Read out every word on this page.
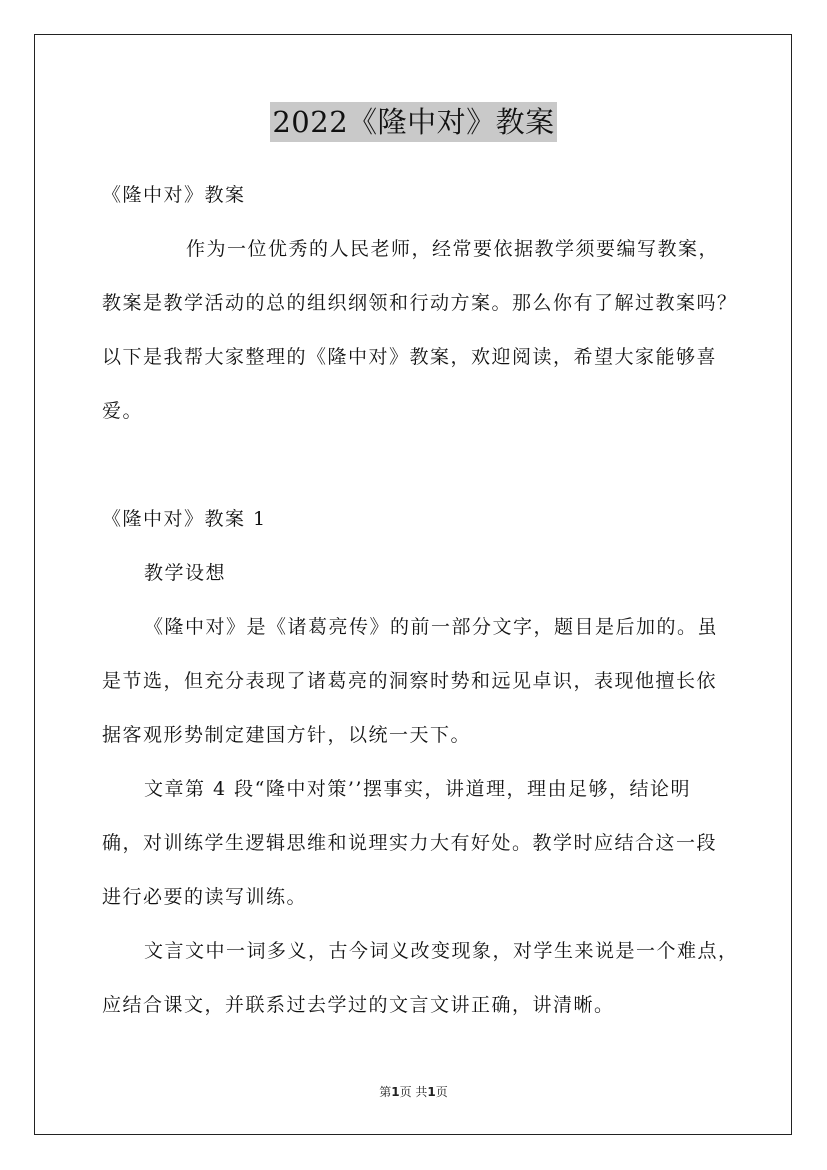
2022《隆中对》教案
《隆中对》教案
作为一位优秀的人民老师，经常要依据教学须要编写教案，
教案是教学活动的总的组织纲领和行动方案。那么你有了解过教案吗？
以下是我帮大家整理的《隆中对》教案，欢迎阅读，希望大家能够喜
爱。
《隆中对》教案 1
教学设想
《隆中对》是《诸葛亮传》的前一部分文字，题目是后加的。虽
是节选，但充分表现了诸葛亮的洞察时势和远见卓识，表现他擅长依
据客观形势制定建国方针，以统一天下。
文章第 4 段“隆中对策’’摆事实，讲道理，理由足够，结论明
确，对训练学生逻辑思维和说理实力大有好处。教学时应结合这一段
进行必要的读写训练。
文言文中一词多义，古今词义改变现象，对学生来说是一个难点，
应结合课文，并联系过去学过的文言文讲正确，讲清晰。
第1页 共1页
